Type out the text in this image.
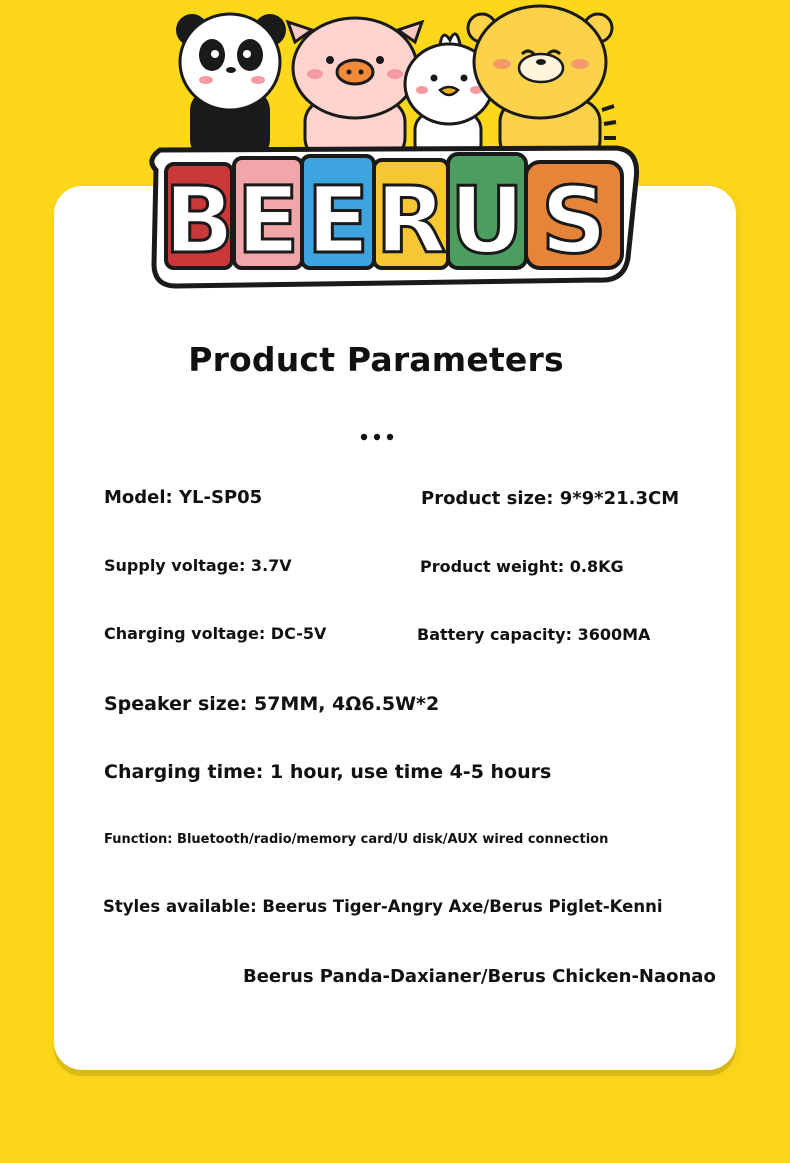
B E E R U S
Product Parameters
Model: YL-SP05	Product size: 9*9*21.3CM
Supply voltage: 3.7V	Product weight: 0.8KG
Charging voltage: DC-5V	Battery capacity: 3600MA
Speaker size: 57MM, 4Ω6.5W*2
Charging time: 1 hour, use time 4-5 hours
Function: Bluetooth/radio/memory card/U disk/AUX wired connection
Styles available: Beerus Tiger-Angry Axe/Berus Piglet-Kenni
Beerus Panda-Daxianer/Berus Chicken-Naonao
